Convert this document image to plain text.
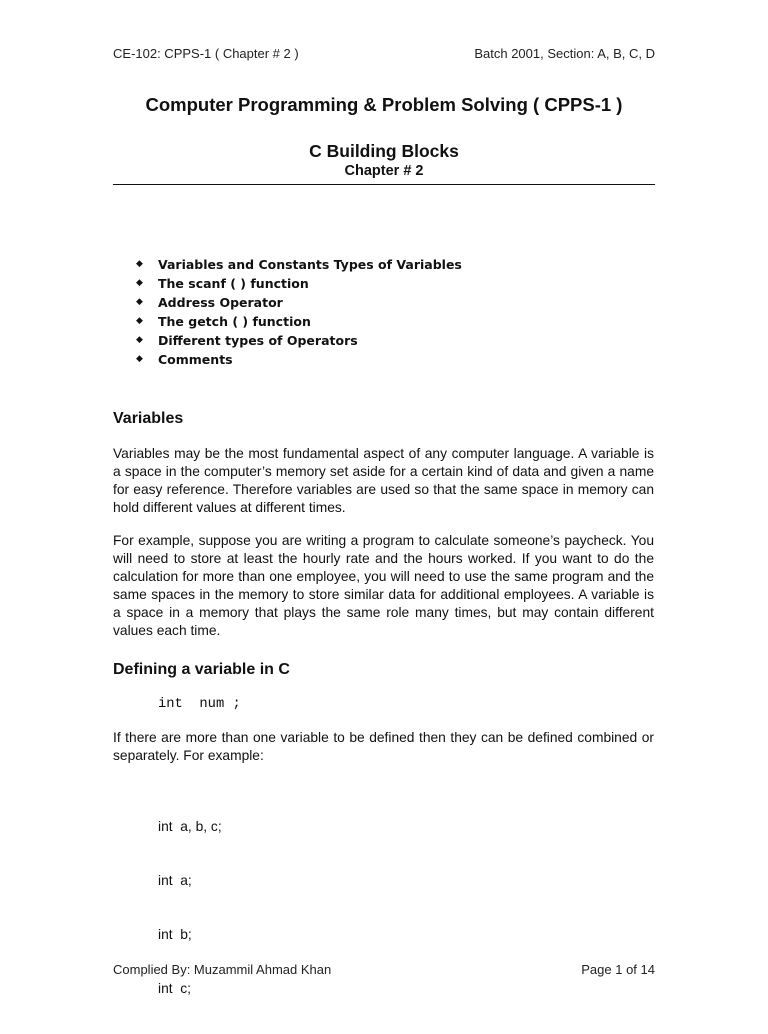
CE-102: CPPS-1 ( Chapter # 2 )	Batch 2001, Section: A, B, C, D
Computer Programming & Problem Solving ( CPPS-1 )
C Building Blocks
Chapter # 2
◆	Variables and Constants Types of Variables
◆	The scanf ( ) function
◆	Address Operator
◆	The getch ( ) function
◆	Different types of Operators
◆	Comments
Variables

Variables may be the most fundamental aspect of any computer language. A variable is a space in the computer’s memory set aside for a certain kind of data and given a name for easy reference. Therefore variables are used so that the same space in memory can hold different values at different times.

For example, suppose you are writing a program to calculate someone’s paycheck. You will need to store at least the hourly rate and the hours worked. If you want to do the calculation for more than one employee, you will need to use the same program and the same spaces in the memory to store similar data for additional employees. A variable is a space in a memory that plays the same role many times, but may contain different values each time.

Defining a variable in C
int  num ;

If there are more than one variable to be defined then they can be defined combined or separately. For example:

int  a, b, c;

int  a;

int  b;

int  c;

Complied By: Muzammil Ahmad Khan	Page 1 of 14
